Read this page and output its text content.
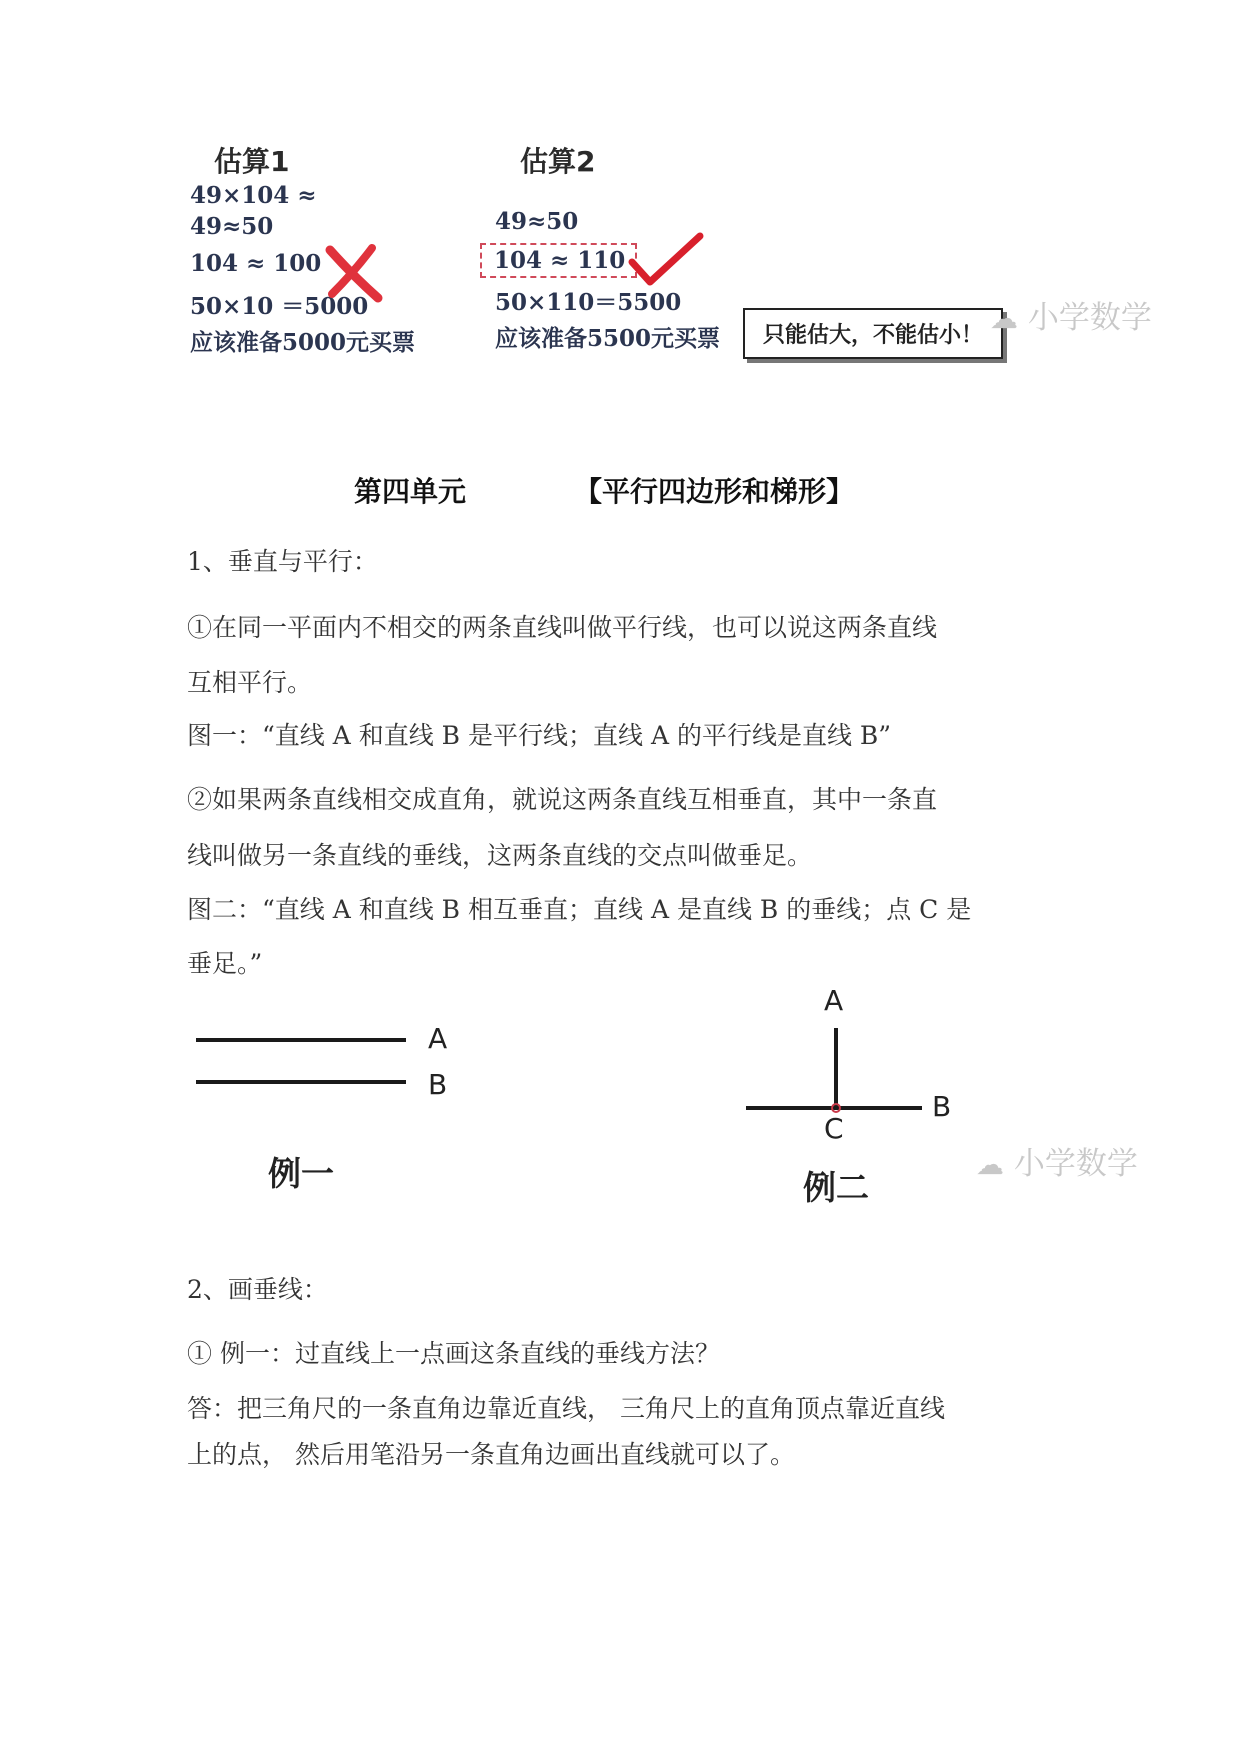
估算1
49×104 ≈
49≈50
104 ≈ 100
50×10 ＝5000
应该准备5000元买票
估算2
49≈50
104 ≈ 110
50×110＝5500
应该准备5500元买票	只能估大，不能估小！ ☁ 小学数学
第四单元	【平行四边形和梯形】
1、垂直与平行：
①在同一平面内不相交的两条直线叫做平行线，也可以说这两条直线
互相平行。
图一：“直线 A 和直线 B 是平行线；直线 A 的平行线是直线 B”
②如果两条直线相交成直角，就说这两条直线互相垂直，其中一条直
线叫做另一条直线的垂线，这两条直线的交点叫做垂足。
图二：“直线 A 和直线 B 相互垂直；直线 A 是直线 B 的垂线；点 C 是
垂足。”
A
B
例一
A
B
C
例二
☁ 小学数学
2、画垂线：
① 例一：过直线上一点画这条直线的垂线方法？
答：把三角尺的一条直角边靠近直线， 三角尺上的直角顶点靠近直线
上的点， 然后用笔沿另一条直角边画出直线就可以了。
